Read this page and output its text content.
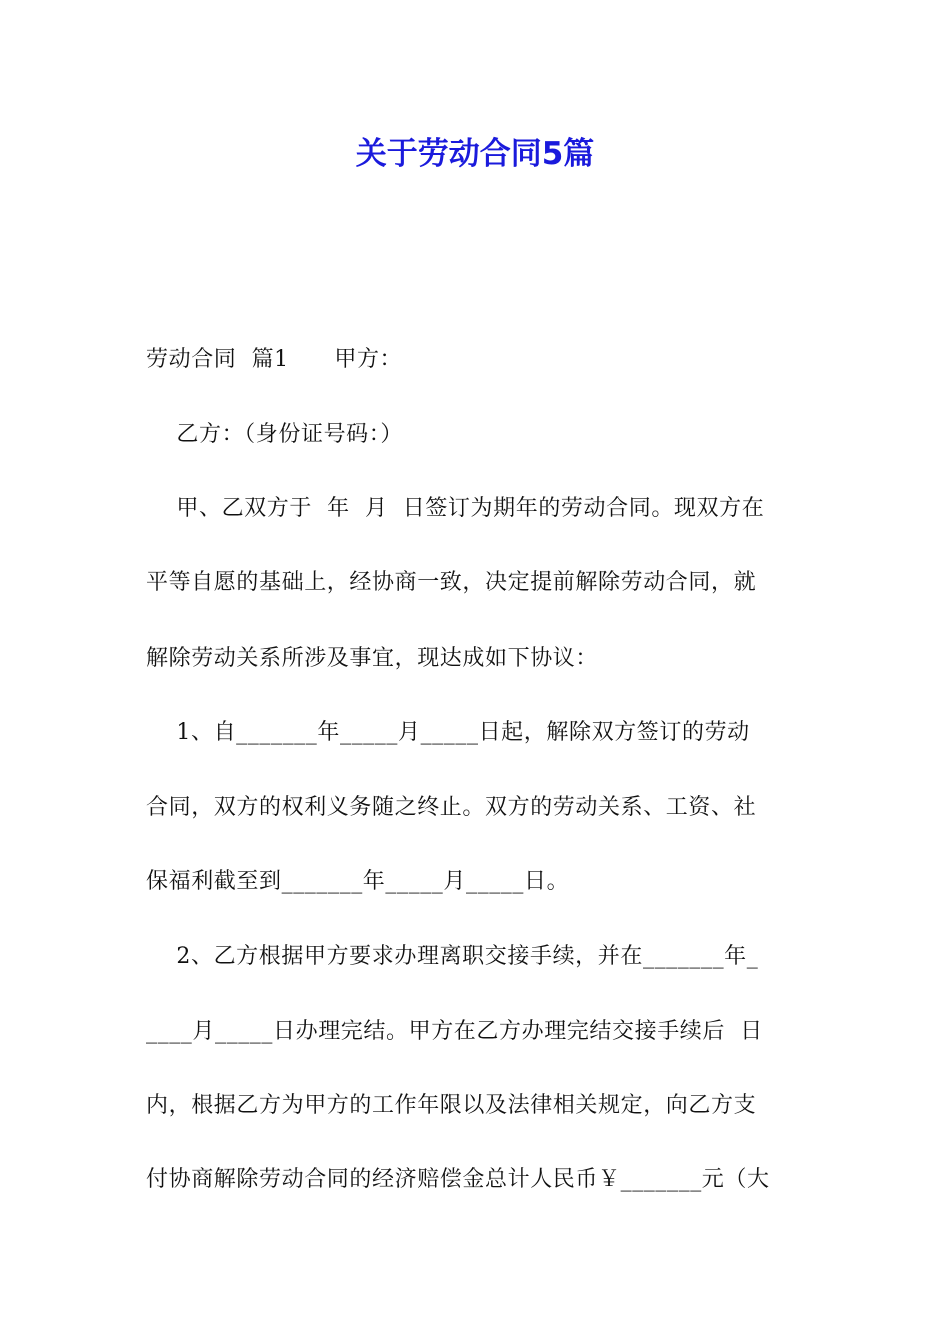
关于劳动合同5篇
劳动合同  篇1      甲方：
乙方：（身份证号码：）
甲、乙双方于  年  月  日签订为期年的劳动合同。现双方在
平等自愿的基础上，经协商一致，决定提前解除劳动合同，就
解除劳动关系所涉及事宜，现达成如下协议：
1、自_______年_____月_____日起，解除双方签订的劳动
合同，双方的权利义务随之终止。双方的劳动关系、工资、社
保福利截至到_______年_____月_____日。
2、乙方根据甲方要求办理离职交接手续，并在_______年_
____月_____日办理完结。甲方在乙方办理完结交接手续后  日
内，根据乙方为甲方的工作年限以及法律相关规定，向乙方支
付协商解除劳动合同的经济赔偿金总计人民币￥_______元（大
